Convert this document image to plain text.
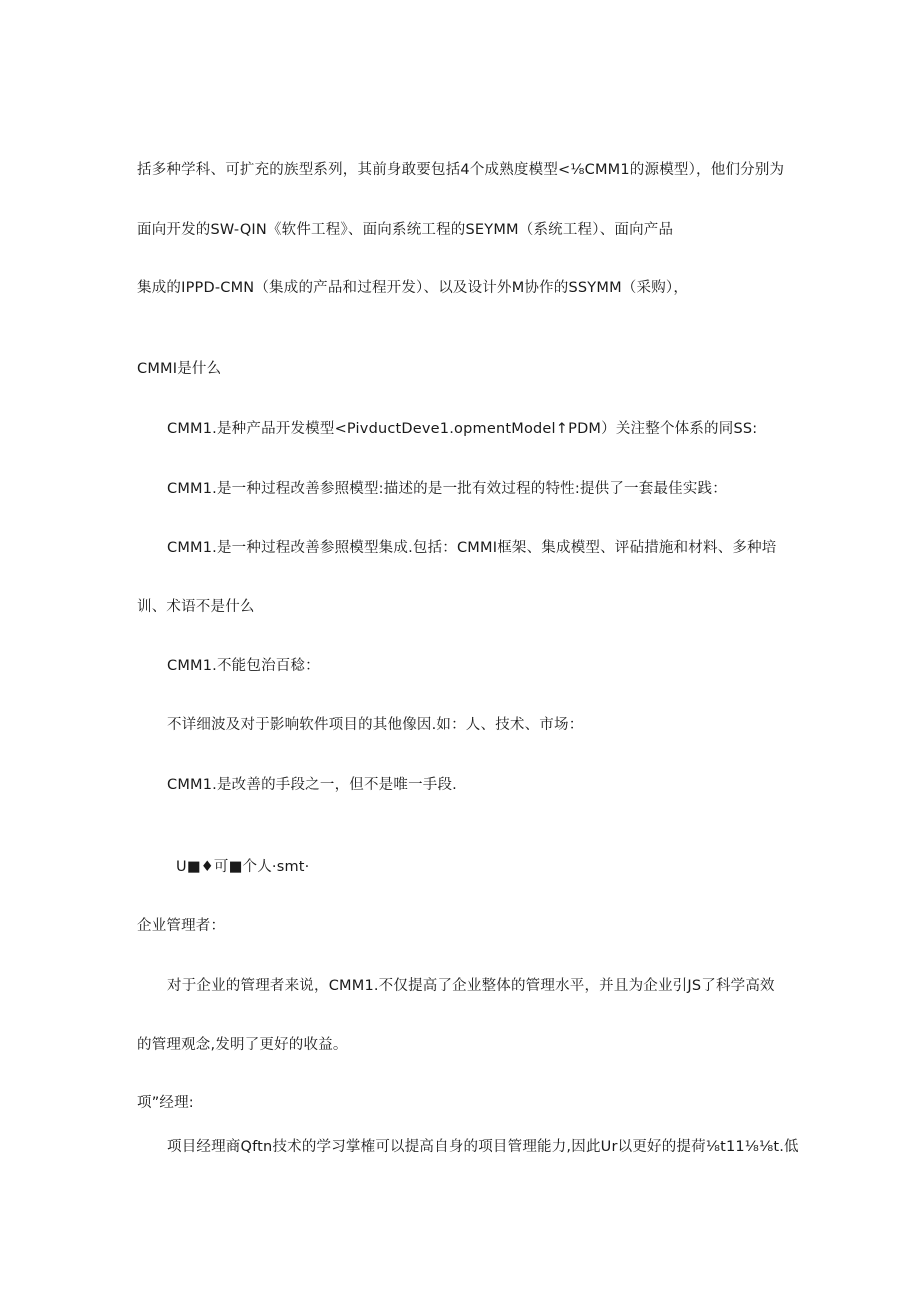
括多种学科、可扩充的族型系列，其前身敢要包括4个成熟度模型<⅛CMM1的源模型），他们分别为

面向开发的SW-QIN《软件工程》、面向系统工程的SEYMM（系统工程）、面向产品

集成的IPPD-CMN（集成的产品和过程开发）、以及设计外M协作的SSYMM（采购），

CMMI是什么

CMM1.是种产品开发模型<PivductDeve1.opmentModel↑PDM）关注整个体系的同SS:

CMM1.是一种过程改善参照模型:描述的是一批有效过程的特性:提供了一套最佳实践：

CMM1.是一种过程改善参照模型集成.包括：CMMI框架、集成模型、评砧措施和材料、多种培

训、术语不是什么

CMM1.不能包治百稔：

不详细波及对于影响软件项目的其他像因.如：人、技术、市场：

CMM1.是改善的手段之一，但不是唯一手段.

U■♦可■个人·smt·

企业管理者：

对于企业的管理者来说，CMM1.不仅提高了企业整体的管理水平，并且为企业引JS了科学高效

的管理观念,发明了更好的收益。

项”经理:

项目经理商Qftn技术的学习掌榷可以提高自身的项目管理能力,因此Ur以更好的提荷⅛t11⅛⅛t.低
